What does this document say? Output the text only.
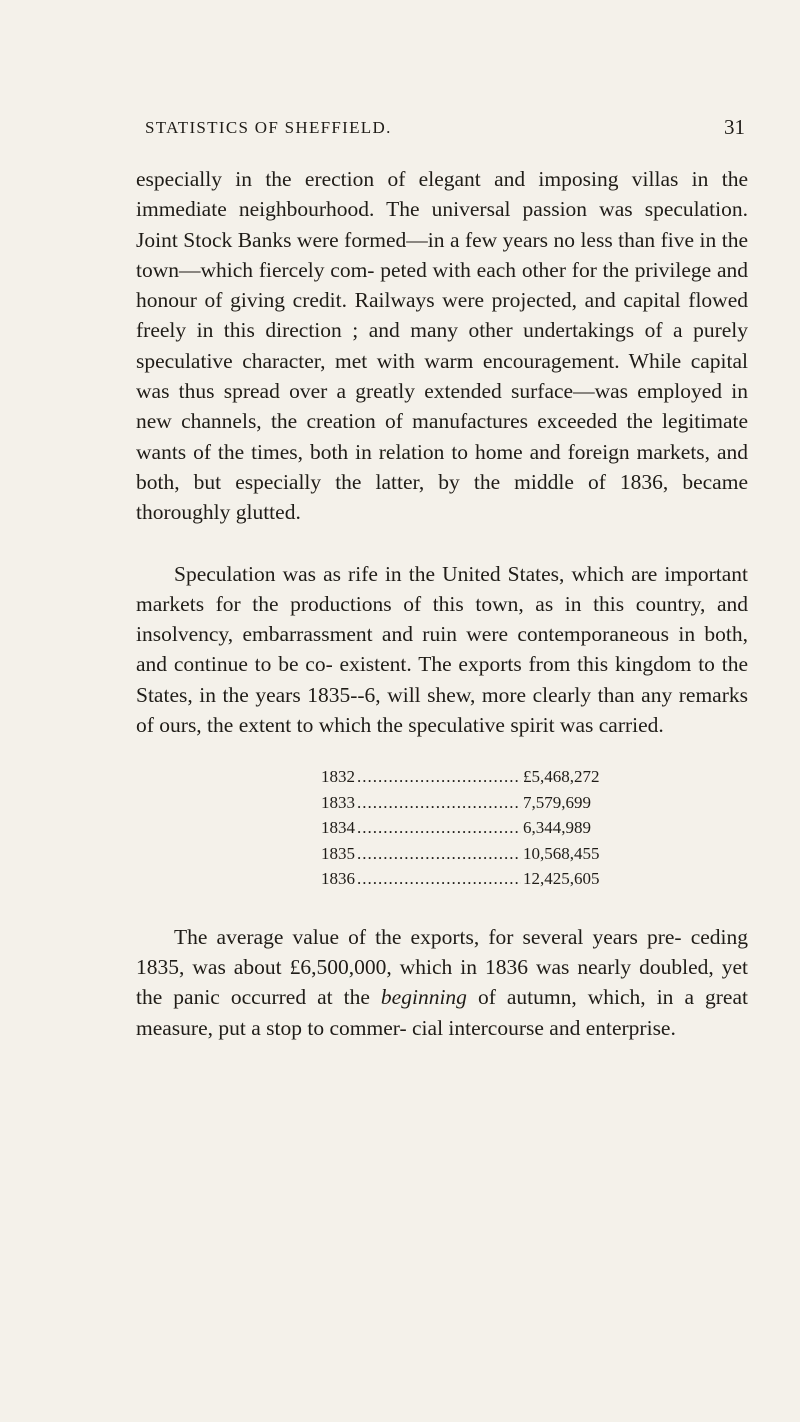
STATISTICS OF SHEFFIELD.	31

especially in the erection of elegant and imposing villas in the immediate neighbourhood. The universal passion was speculation. Joint Stock Banks were formed—in a few years no less than five in the town—which fiercely com- peted with each other for the privilege and honour of giving credit. Railways were projected, and capital flowed freely in this direction ; and many other undertakings of a purely speculative character, met with warm encouragement. While capital was thus spread over a greatly extended surface—was employed in new channels, the creation of manufactures exceeded the legitimate wants of the times, both in relation to home and foreign markets, and both, but especially the latter, by the middle of 1836, became thoroughly glutted.

Speculation was as rife in the United States, which are important markets for the productions of this town, as in this country, and insolvency, embarrassment and ruin were contemporaneous in both, and continue to be co- existent. The exports from this kingdom to the States, in the years 1835--6, will shew, more clearly than any remarks of ours, the extent to which the speculative spirit was carried.

1832 .....	£5,468,272
1833 .....	7,579,699
1834 .....	6,344,989
1835 .....	10,568,455
1836 .....	12,425,605

The average value of the exports, for several years pre- ceding 1835, was about £6,500,000, which in 1836 was nearly doubled, yet the panic occurred at the beginning of autumn, which, in a great measure, put a stop to commer- cial intercourse and enterprise.
